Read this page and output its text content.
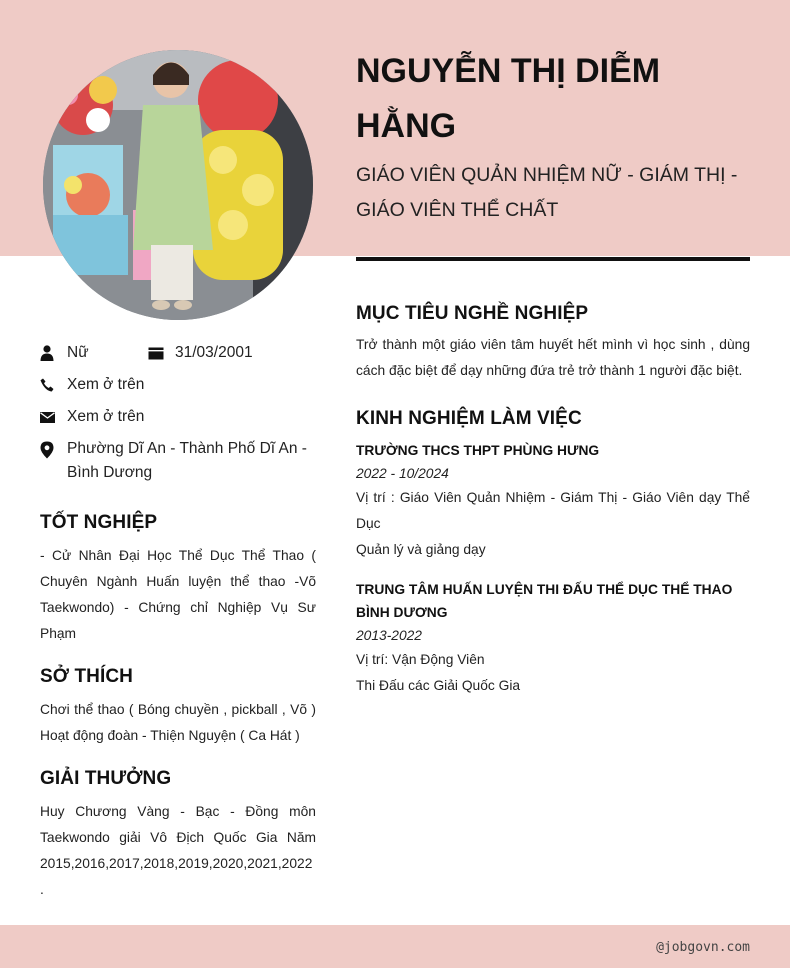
NGUYỄN THỊ DIỄM HẰNG
GIÁO VIÊN QUẢN NHIỆM NỮ - GIÁM THỊ - GIÁO VIÊN THỂ CHẤT
Nữ	31/03/2001
Xem ở trên
Xem ở trên
Phường Dĩ An - Thành Phố Dĩ An - Bình Dương
TỐT NGHIỆP
- Cử Nhân Đại Học Thể Dục Thể Thao ( Chuyên Ngành Huấn luyện thể thao -Võ Taekwondo) - Chứng chỉ Nghiệp Vụ Sư Phạm
SỞ THÍCH
Chơi thể thao ( Bóng chuyền , pickball , Võ ) Hoạt động đoàn - Thiện Nguyện ( Ca Hát )
GIẢI THƯỞNG
Huy Chương Vàng - Bạc - Đồng môn Taekwondo giải Vô Địch Quốc Gia Năm 2015,2016,2017,2018,2019,2020,2021,2022 .
MỤC TIÊU NGHỀ NGHIỆP
Trở thành một giáo viên tâm huyết hết mình vì học sinh , dùng cách đặc biệt để dạy những đứa trẻ trở thành 1 người đặc biệt.
KINH NGHIỆM LÀM VIỆC
TRƯỜNG THCS THPT PHÙNG HƯNG
2022 - 10/2024
Vị trí : Giáo Viên Quản Nhiệm - Giám Thị - Giáo Viên dạy Thể Dục
Quản lý và giảng dạy
TRUNG TÂM HUẤN LUYỆN THI ĐẤU THỂ DỤC THỂ THAO BÌNH DƯƠNG
2013-2022
Vị trí: Vận Động Viên
Thi Đấu các Giải Quốc Gia
@jobgovn.com
